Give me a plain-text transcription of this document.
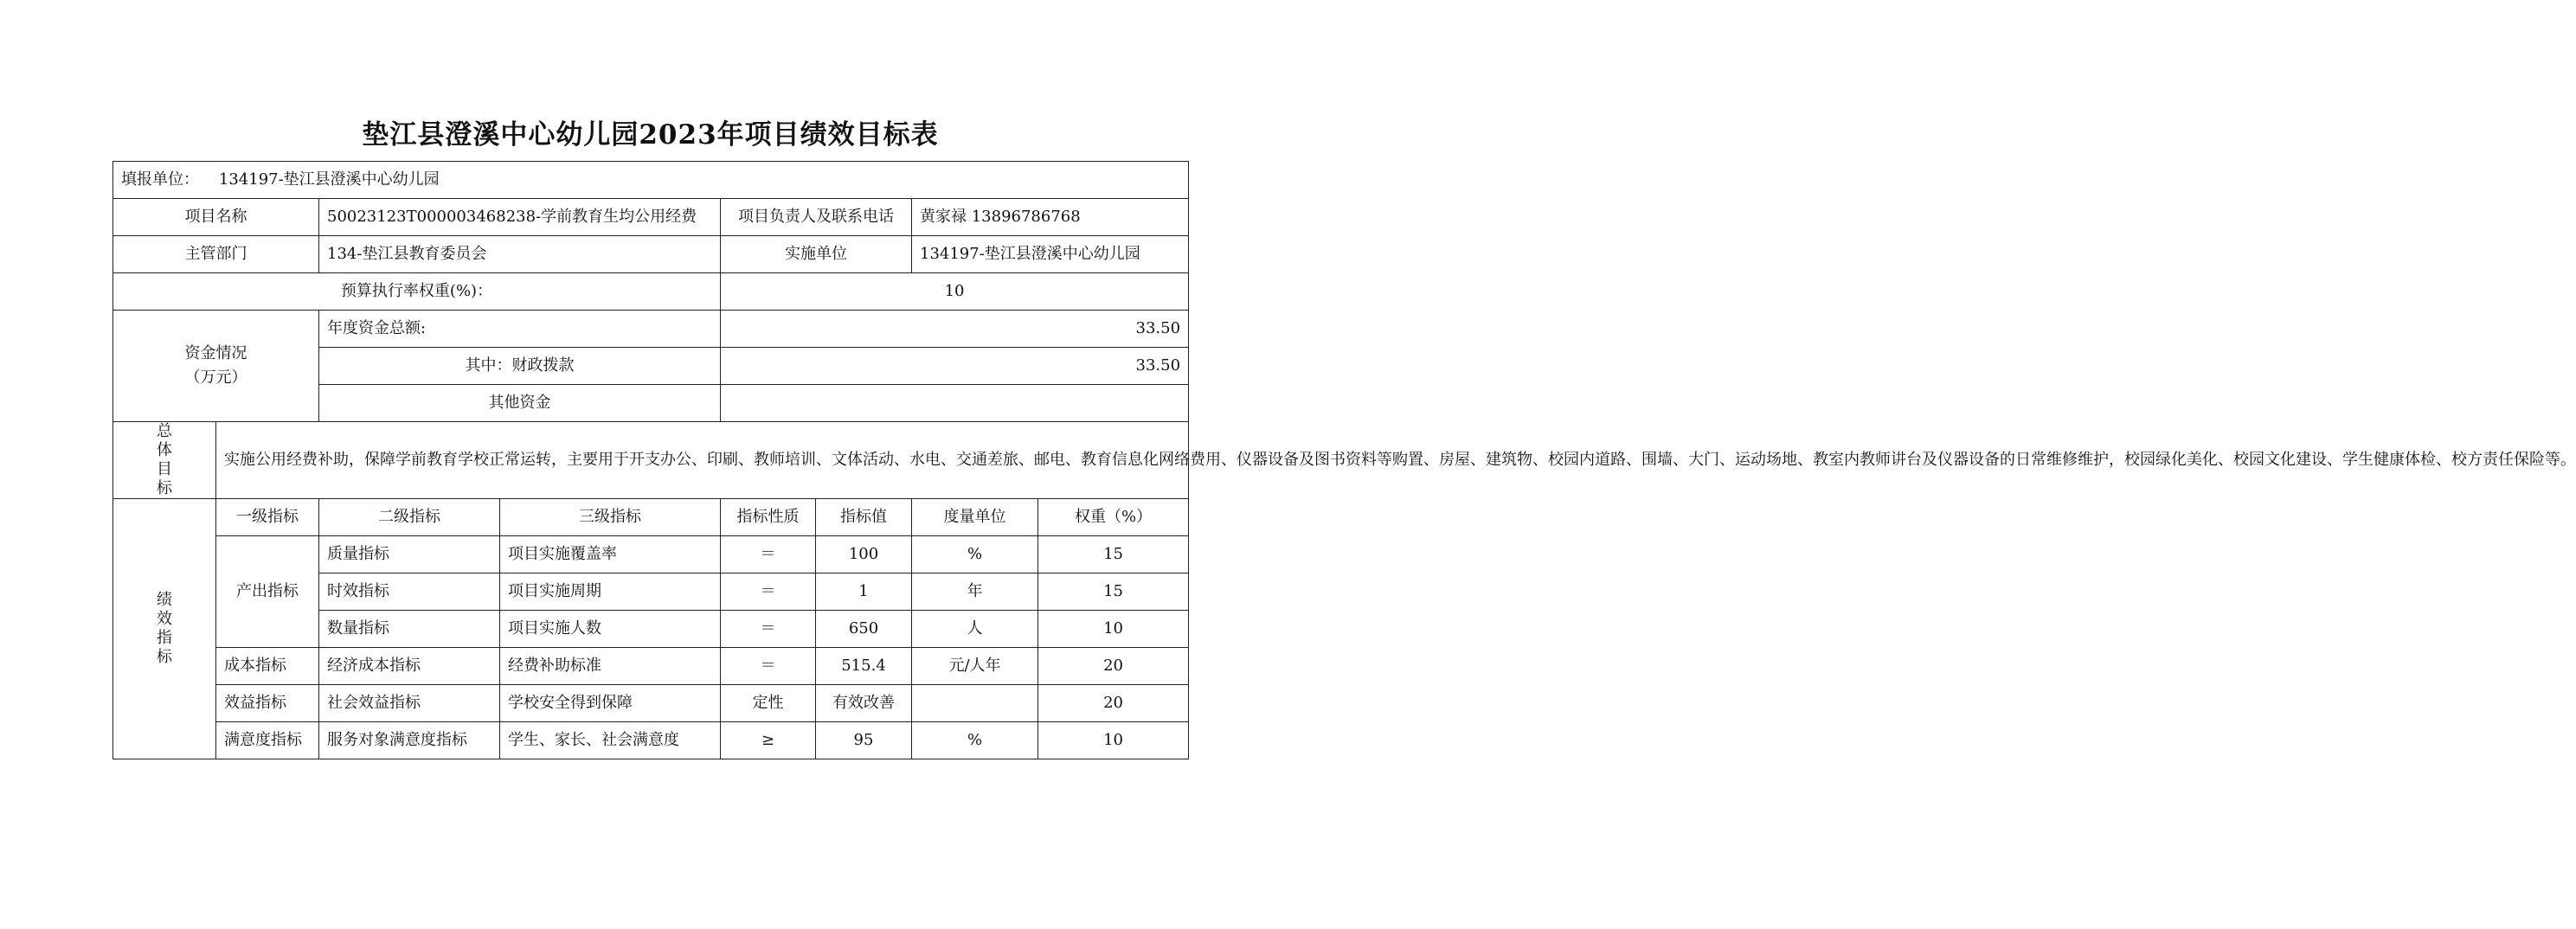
垫江县澄溪中心幼儿园2023年项目绩效目标表
填报单位： 134197-垫江县澄溪中心幼儿园							
项目名称		50023123T000003468238-学前教育生均公用经费		项目负责人及联系电话		黄家禄 13896786768	
主管部门		134-垫江县教育委员会		实施单位		134197-垫江县澄溪中心幼儿园	
预算执行率权重(%)：				10			

资金情况
（万元）		年度资金总额:		33.50			
		其中：财政拨款		33.50			
		其他资金					

总
体
目
标	实施公用经费补助，保障学前教育学校正常运转，主要用于开支办公、印刷、教师培训、文体活动、水电、交通差旅、邮电、教育信息化网络费用、仪器设备及图书资料等购置、房屋、建筑物、校园内道路、围墙、大门、运动场地、教室内教师讲台及仪器设备的日常维修维护，校园绿化美化、校园文化建设、学生健康体检、校方责任保险等。						

绩
效
指
标	一级指标	二级指标	三级指标	指标性质	指标值	度量单位	权重（%）
	产出指标	质量指标	项目实施覆盖率	＝	100	%	15
		时效指标	项目实施周期	＝	1	年	15
		数量指标	项目实施人数	＝	650	人	10
	成本指标	经济成本指标	经费补助标准	＝	515.4	元/人年	20
	效益指标	社会效益指标	学校安全得到保障	定性	有效改善		20
	满意度指标	服务对象满意度指标	学生、家长、社会满意度	≥	95	%	10
